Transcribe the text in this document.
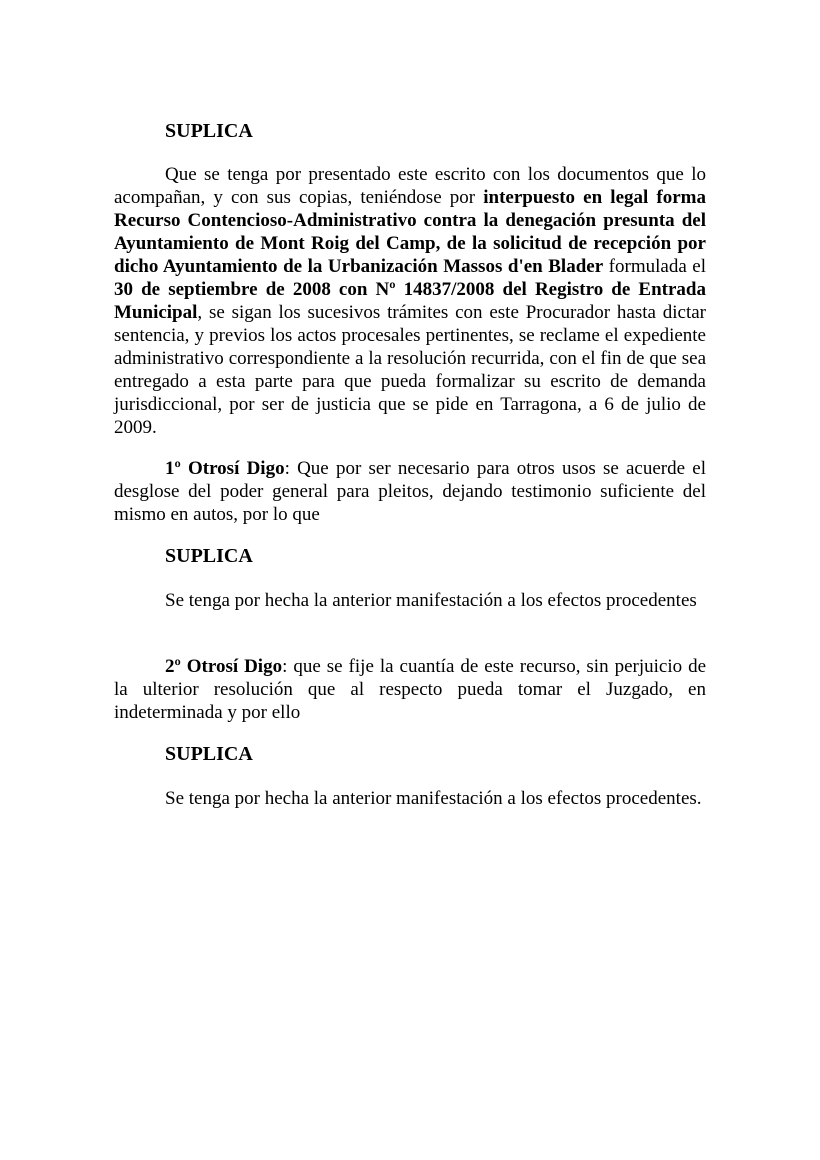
SUPLICA

Que se tenga por presentado este escrito con los documentos que lo acompañan, y con sus copias, teniéndose por interpuesto en legal forma Recurso Contencioso-Administrativo contra la denegación presunta del Ayuntamiento de Mont Roig del Camp, de la solicitud de recepción por dicho Ayuntamiento de la Urbanización Massos d'en Blader formulada el 30 de septiembre de 2008 con Nº 14837/2008 del Registro de Entrada Municipal, se sigan los sucesivos trámites con este Procurador hasta dictar sentencia, y previos los actos procesales pertinentes, se reclame el expediente administrativo correspondiente a la resolución recurrida, con el fin de que sea entregado a esta parte para que pueda formalizar su escrito de demanda jurisdiccional, por ser de justicia que se pide en Tarragona, a 6 de julio de 2009.

1º Otrosí Digo: Que por ser necesario para otros usos se acuerde el desglose del poder general para pleitos, dejando testimonio suficiente del mismo en autos, por lo que

SUPLICA

Se tenga por hecha la anterior manifestación a los efectos procedentes

2º Otrosí Digo: que se fije la cuantía de este recurso, sin perjuicio de la ulterior resolución que al respecto pueda tomar el Juzgado, en indeterminada y por ello

SUPLICA

Se tenga por hecha la anterior manifestación a los efectos procedentes.
